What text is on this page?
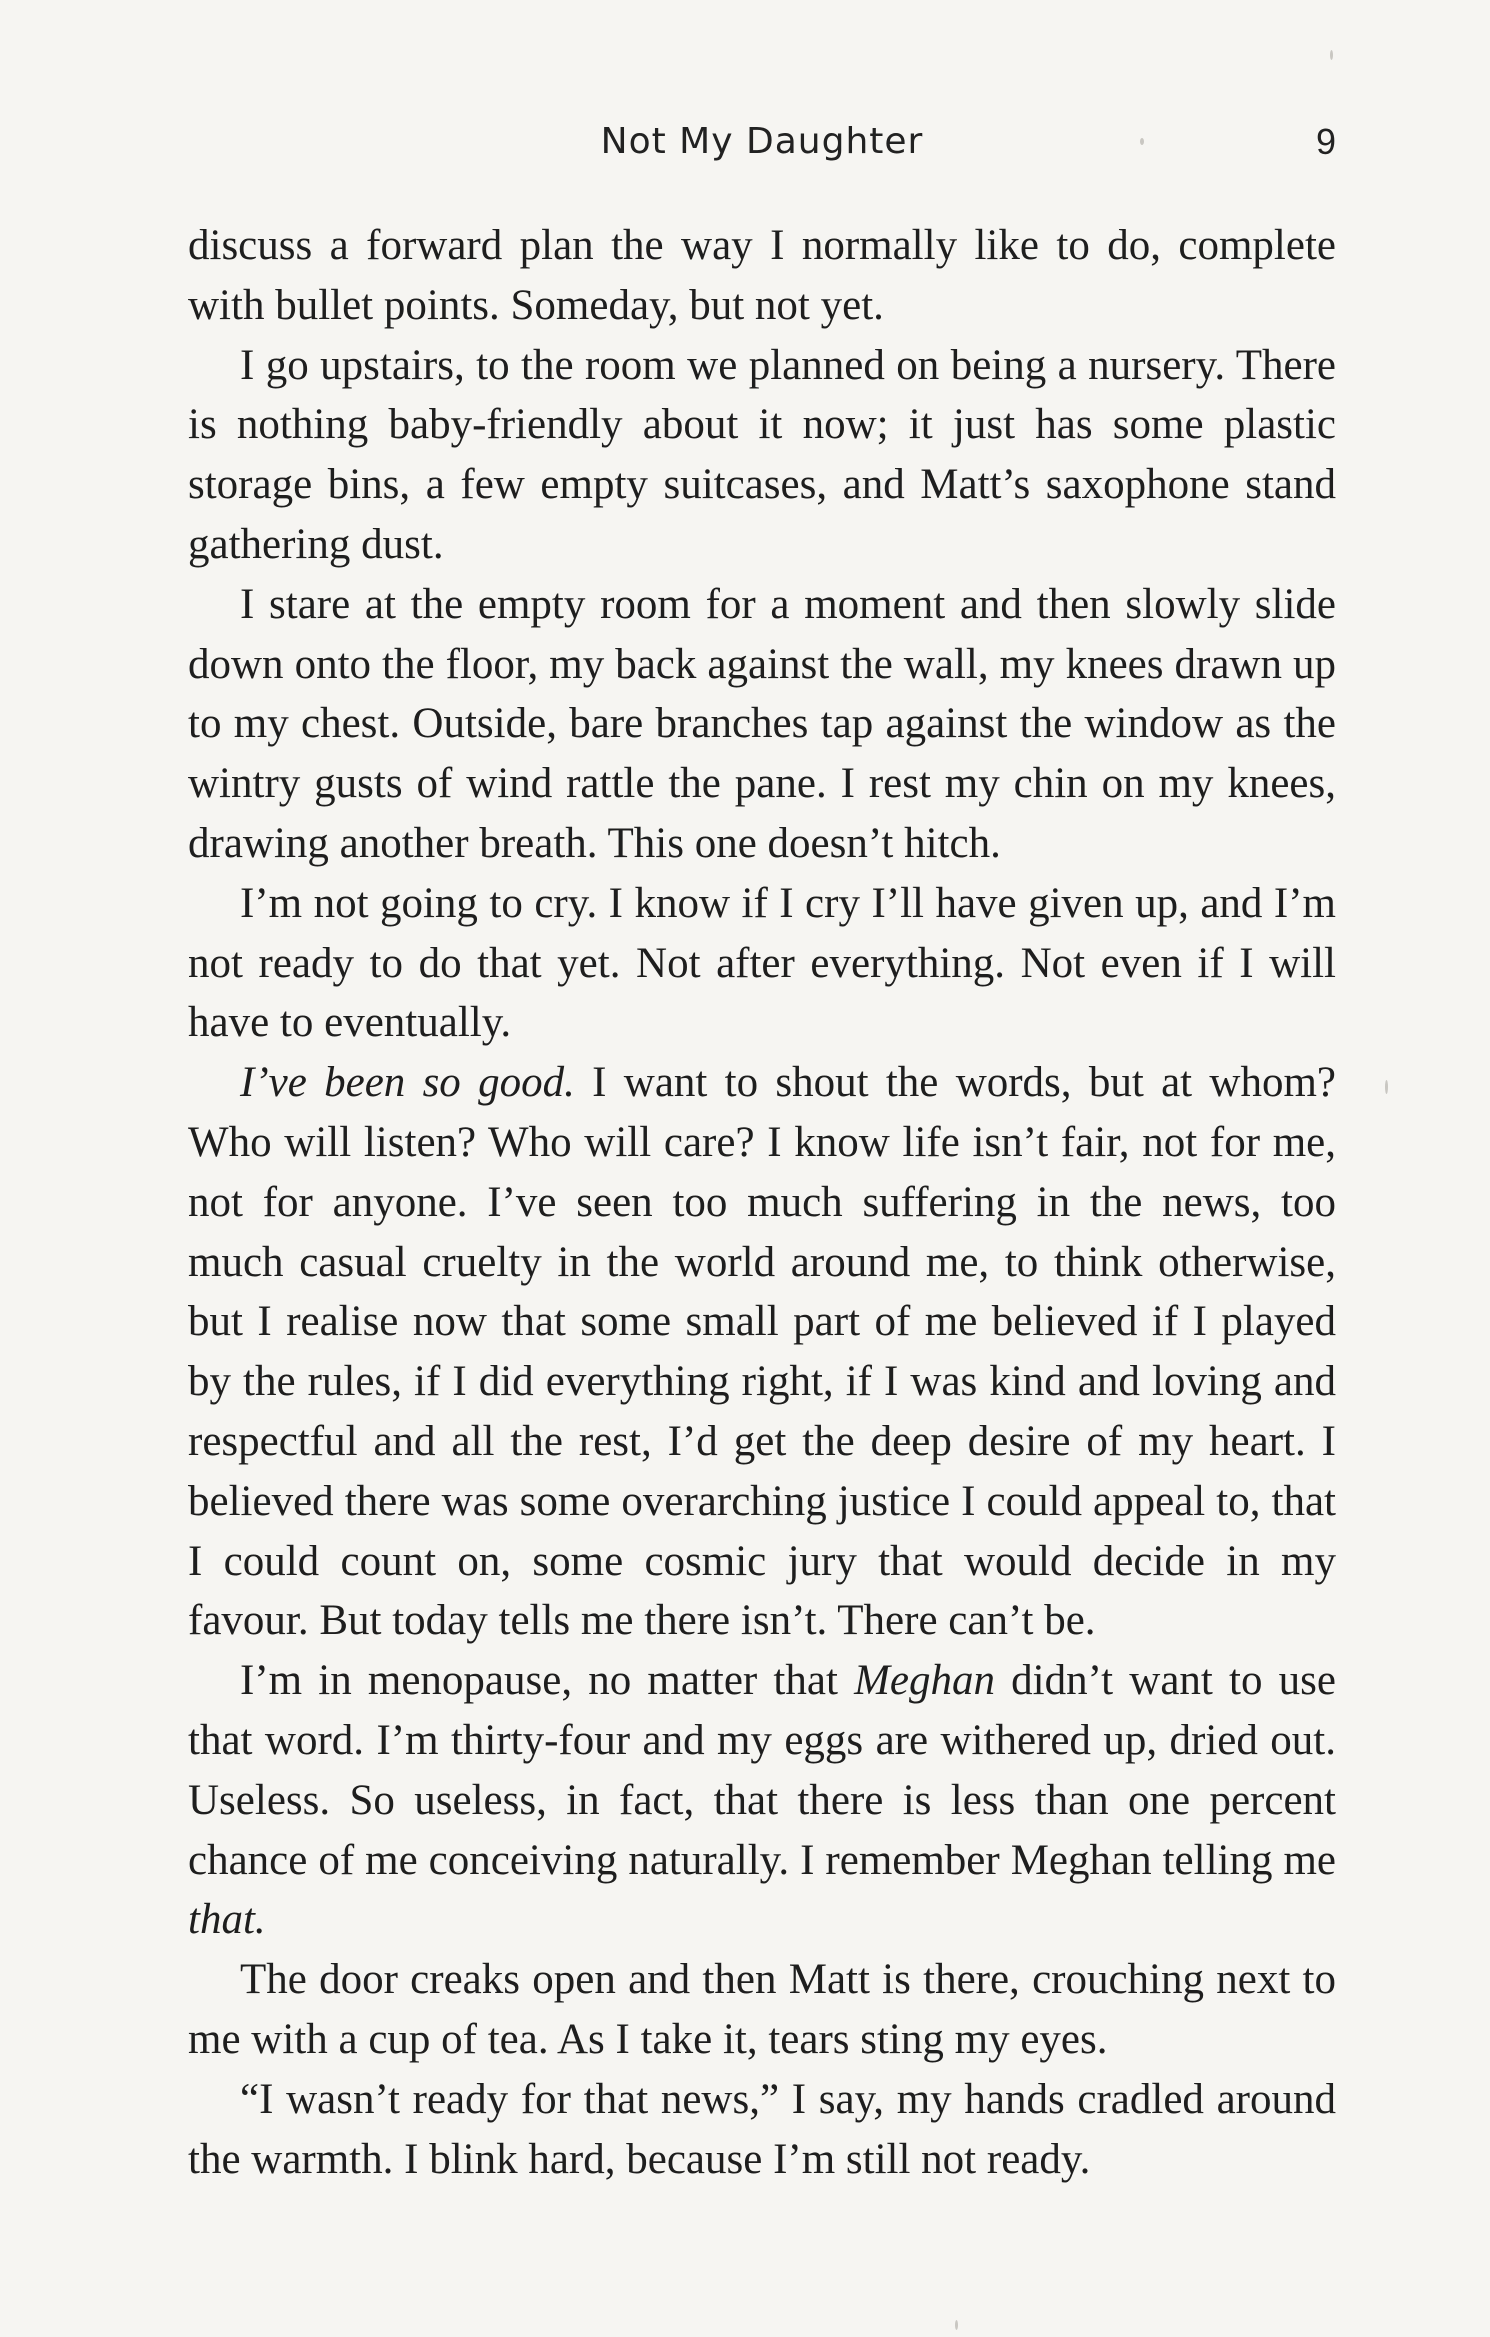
Not My Daughter	9

discuss a forward plan the way I normally like to do, complete with bullet points. Someday, but not yet.

I go upstairs, to the room we planned on being a nursery. There is nothing baby-friendly about it now; it just has some plastic storage bins, a few empty suitcases, and Matt’s saxophone stand gathering dust.

I stare at the empty room for a moment and then slowly slide down onto the floor, my back against the wall, my knees drawn up to my chest. Outside, bare branches tap against the window as the wintry gusts of wind rattle the pane. I rest my chin on my knees, drawing another breath. This one doesn’t hitch.

I’m not going to cry. I know if I cry I’ll have given up, and I’m not ready to do that yet. Not after everything. Not even if I will have to eventually.

I’ve been so good. I want to shout the words, but at whom? Who will listen? Who will care? I know life isn’t fair, not for me, not for anyone. I’ve seen too much suffering in the news, too much casual cruelty in the world around me, to think otherwise, but I realise now that some small part of me believed if I played by the rules, if I did everything right, if I was kind and loving and respectful and all the rest, I’d get the deep desire of my heart. I believed there was some overarching justice I could appeal to, that I could count on, some cosmic jury that would decide in my favour. But today tells me there isn’t. There can’t be.

I’m in menopause, no matter that Meghan didn’t want to use that word. I’m thirty-four and my eggs are withered up, dried out. Useless. So useless, in fact, that there is less than one percent chance of me conceiving naturally. I remember Meghan telling me that.

The door creaks open and then Matt is there, crouching next to me with a cup of tea. As I take it, tears sting my eyes.

“I wasn’t ready for that news,” I say, my hands cradled around the warmth. I blink hard, because I’m still not ready.
